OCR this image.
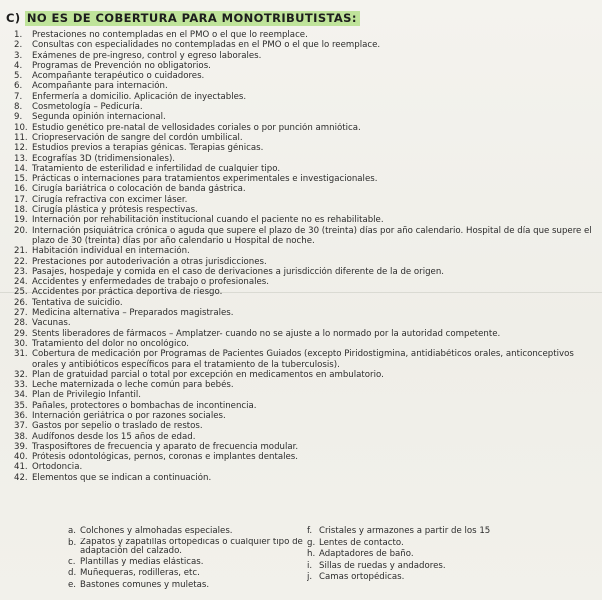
C) NO ES DE COBERTURA PARA MONOTRIBUTISTAS:
1.	Prestaciones no contempladas en el PMO o el que lo reemplace.
2.	Consultas con especialidades no contempladas en el PMO o el que lo reemplace.
3.	Exámenes de pre-ingreso, control y egreso laborales.
4.	Programas de Prevención no obligatorios.
5.	Acompañante terapéutico o cuidadores.
6.	Acompañante para internación.
7.	Enfermería a domicilio. Aplicación de inyectables.
8.	Cosmetología – Pedicuría.
9.	Segunda opinión internacional.
10. Estudio genético pre-natal de vellosidades coriales o por punción amniótica.
11. Criopreservación de sangre del cordón umbilical.
12. Estudios previos a terapias génicas. Terapias génicas.
13. Ecografías 3D (tridimensionales).
14. Tratamiento de esterilidad e infertilidad de cualquier tipo.
15. Prácticas o internaciones para tratamientos experimentales e investigacionales.
16. Cirugía bariátrica o colocación de banda gástrica.
17. Cirugía refractiva con excimer láser.
18. Cirugía plástica y prótesis respectivas.
19. Internación por rehabilitación institucional cuando el paciente no es rehabilitable.
20. Internación psiquiátrica crónica o aguda que supere el plazo de 30 (treinta) días por año calendario. Hospital de día que supere el plazo de 30 (treinta) días por año calendario u Hospital de noche.
21. Habitación individual en internación.
22. Prestaciones por autoderivación a otras jurisdicciones.
23. Pasajes, hospedaje y comida en el caso de derivaciones a jurisdicción diferente de la de origen.
24. Accidentes y enfermedades de trabajo o profesionales.
25. Accidentes por práctica deportiva de riesgo.
26. Tentativa de suicidio.
27. Medicina alternativa – Preparados magistrales.
28. Vacunas.
29. Stents liberadores de fármacos – Amplatzer- cuando no se ajuste a lo normado por la autoridad competente.
30. Tratamiento del dolor no oncológico.
31. Cobertura de medicación por Programas de Pacientes Guiados (excepto Piridostigmina, antidiabéticos orales, anticonceptivos orales y antibióticos específicos para el tratamiento de la tuberculosis).
32. Plan de gratuidad parcial o total por excepción en medicamentos en ambulatorio.
33. Leche maternizada o leche común para bebés.
34. Plan de Privilegio Infantil.
35. Pañales, protectores o bombachas de incontinencia.
36. Internación geriátrica o por razones sociales.
37. Gastos por sepelio o traslado de restos.
38. Audífonos desde los 15 años de edad.
39. Trasposiftores de frecuencia y aparato de frecuencia modular.
40. Prótesis odontológicas, pernos, coronas e implantes dentales.
41. Ortodoncia.
42. Elementos que se indican a continuación.
a. Colchones y almohadas especiales.
b. Zapatos y zapatillas ortopédicas o cualquier tipo de adaptación del calzado.
c. Plantillas y medias elásticas.
d. Muñequeras, rodilleras, etc.
e. Bastones comunes y muletas.
f. Cristales y armazones a partir de los 15
g. Lentes de contacto.
h. Adaptadores de baño.
i. Sillas de ruedas y andadores.
j. Camas ortopédicas.
